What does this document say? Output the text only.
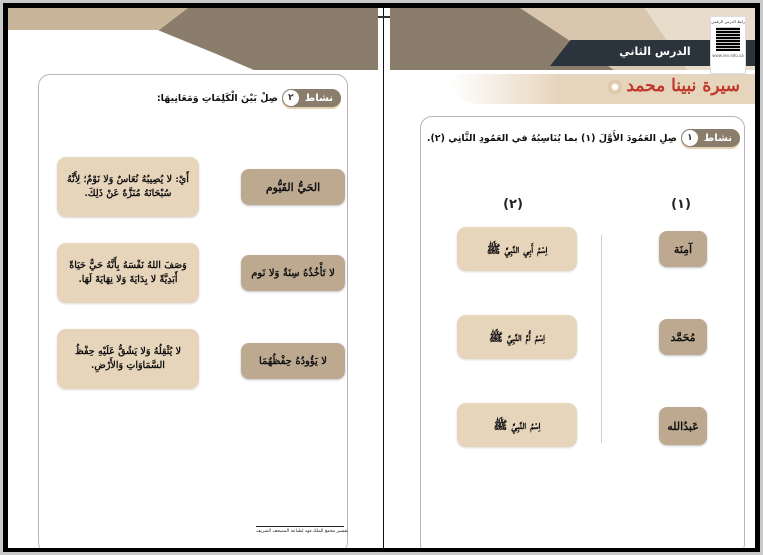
نشاط
٢
صِلْ بَيْنَ الْكَلِمَاتِ وَمَعَانِيهَا:
الحَيُّ القَيُّوم
لا تَأْخُذُهُ سِنَةٌ وَلا نَوم
لا يَؤُودُهُ حِفْظُهُمَا
أَيْ: لا يُصِيبُهُ نُعَاسٌ وَلا نَوْمٌ؛ لِأَنَّهُ سُبْحَانَهُ مُنَزَّهٌ عَنْ ذَلِكَ.
وَصَفَ اللهُ نَفْسَهُ بِأَنَّهُ حَيٌّ حَيَاةً أَبَدِيَّةً لا بِدَايَةَ وَلا نِهَايَةَ لَهَا.
لا يُثْقِلُهُ وَلا يَشُقُّ عَلَيْهِ حِفْظُ السَّمَاوَاتِ وَالأَرْضِ.
تفسير مجمع الملك فهد لطباعة المصحف الشريف
الدرس الثاني
رابط الدرس الرقمي
www.ien.edu.sa
سيرة نبينا محمد
نشاط
١
صِلِ العَمُودَ الأَوَّلَ (١) بما يُنَاسِبُهُ في العَمُودِ الثَّانِي (٢).
(١)
(٢)
آمِنَة
مُحَمَّد
عَبدُالله
اِسْمُ أَبِي النَّبِيِّ ﷺ
اِسْمُ أُمِّ النَّبِيِّ ﷺ
اِسْمُ النَّبِيِّ ﷺ
